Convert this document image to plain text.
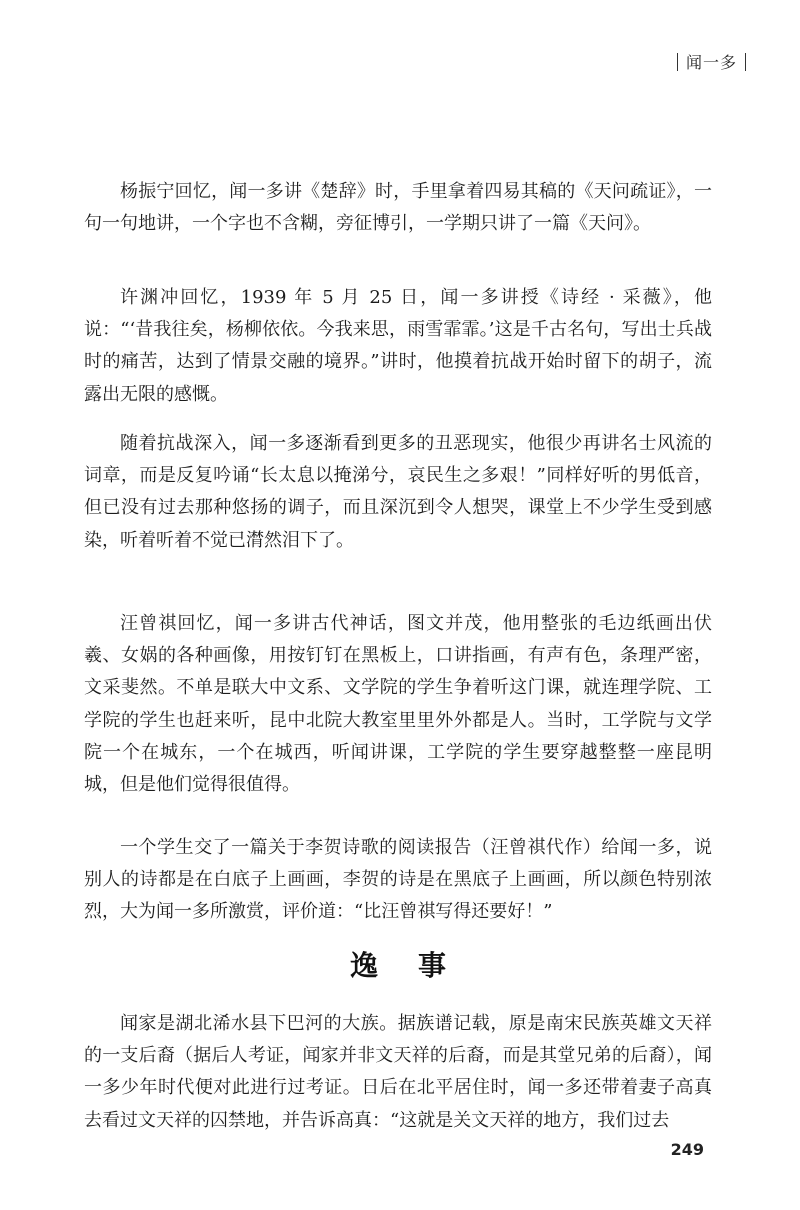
闻一多

杨振宁回忆，闻一多讲《楚辞》时，手里拿着四易其稿的《天问疏证》，一句一句地讲，一个字也不含糊，旁征博引，一学期只讲了一篇《天问》。

许渊冲回忆，1939 年 5 月 25 日，闻一多讲授《诗经 · 采薇》，他说：“‘昔我往矣，杨柳依依。今我来思，雨雪霏霏。’这是千古名句，写出士兵战时的痛苦，达到了情景交融的境界。”讲时，他摸着抗战开始时留下的胡子，流露出无限的感慨。

随着抗战深入，闻一多逐渐看到更多的丑恶现实，他很少再讲名士风流的词章，而是反复吟诵“长太息以掩涕兮，哀民生之多艰！”同样好听的男低音，但已没有过去那种悠扬的调子，而且深沉到令人想哭，课堂上不少学生受到感染，听着听着不觉已潸然泪下了。

汪曾祺回忆，闻一多讲古代神话，图文并茂，他用整张的毛边纸画出伏羲、女娲的各种画像，用按钉钉在黑板上，口讲指画，有声有色，条理严密，文采斐然。不单是联大中文系、文学院的学生争着听这门课，就连理学院、工学院的学生也赶来听，昆中北院大教室里里外外都是人。当时，工学院与文学院一个在城东，一个在城西，听闻讲课，工学院的学生要穿越整整一座昆明城，但是他们觉得很值得。

一个学生交了一篇关于李贺诗歌的阅读报告（汪曾祺代作）给闻一多，说别人的诗都是在白底子上画画，李贺的诗是在黑底子上画画，所以颜色特别浓烈，大为闻一多所激赏，评价道：“比汪曾祺写得还要好！”

逸事

闻家是湖北浠水县下巴河的大族。据族谱记载，原是南宋民族英雄文天祥的一支后裔（据后人考证，闻家并非文天祥的后裔，而是其堂兄弟的后裔），闻一多少年时代便对此进行过考证。日后在北平居住时，闻一多还带着妻子高真去看过文天祥的囚禁地，并告诉高真：“这就是关文天祥的地方，我们过去

249
